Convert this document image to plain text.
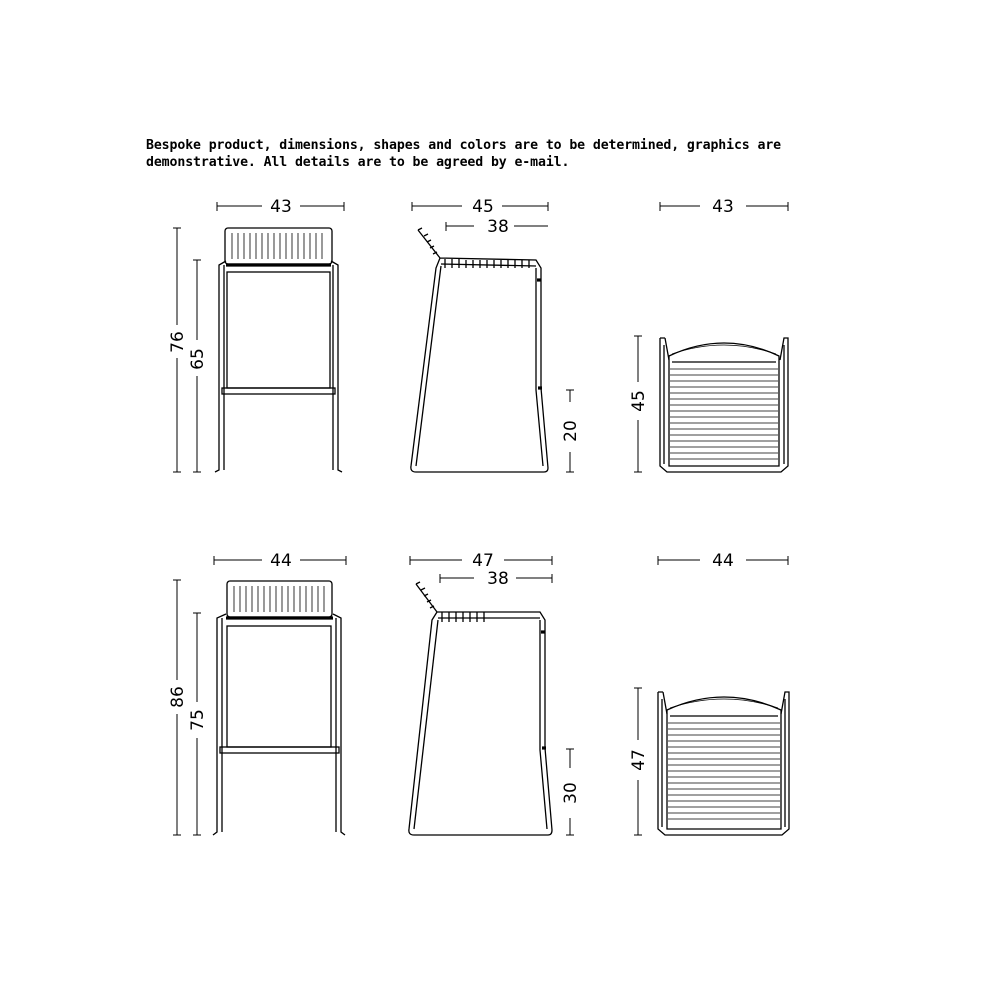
Bespoke product, dimensions, shapes and colors are to be determined, graphics are
demonstrative. All details are to be agreed by e-mail.
43
76
65
45
38
20
43
45
44
86
75
47
38
30
44
47
